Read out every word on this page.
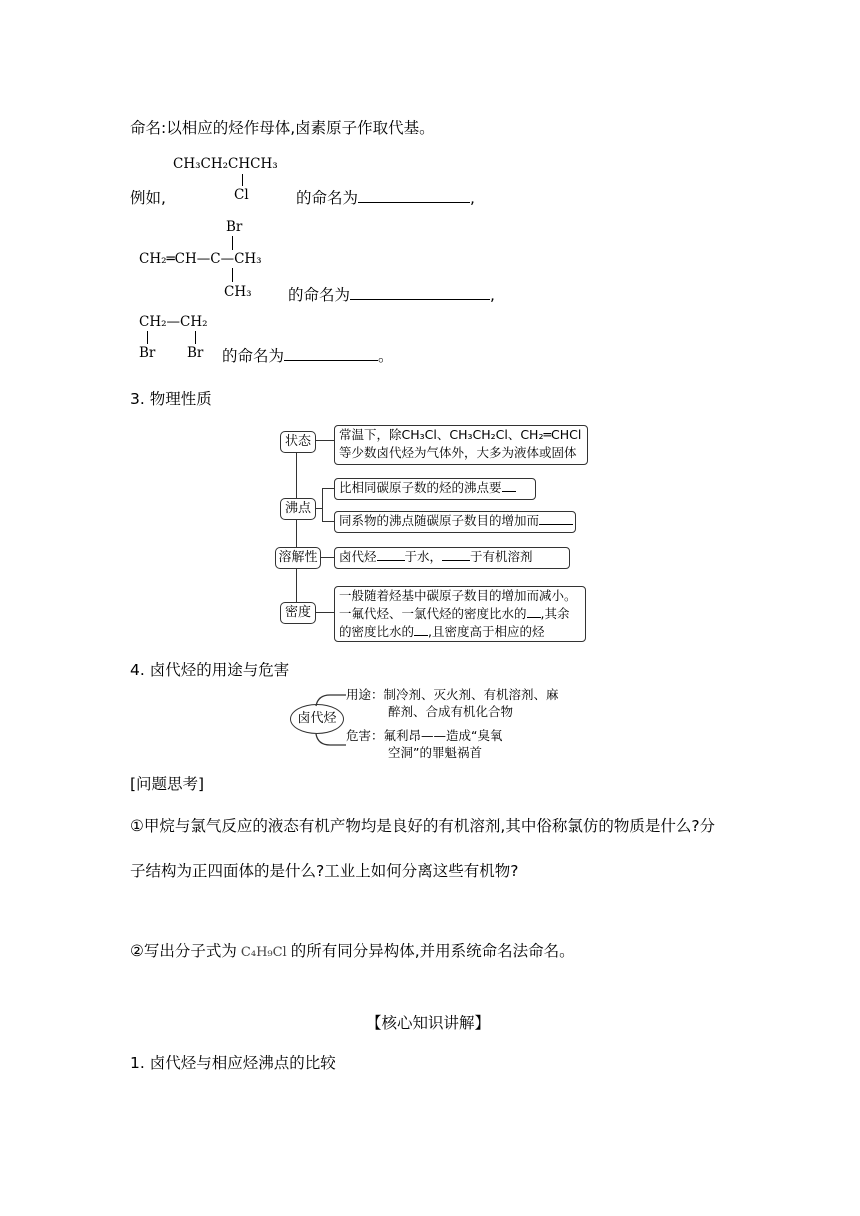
命名:以相应的烃作母体,卤素原子作取代基。
CH₃CH₂CHCH₃
Cl
例如,	的命名为	,
Br
CH₂═CH—C—CH₃
CH₃ 的命名为	,
CH₂—CH₂
Br Br 的命名为	。
3. 物理性质
状态	常温下，除CH₃Cl、CH₃CH₂Cl、CH₂═CHCl
等少数卤代烃为气体外，大多为液体或固体
沸点
比相同碳原子数的烃的沸点要
同系物的沸点随碳原子数目的增加而
溶解性	卤代烃 于水， 于有机溶剂
密度
一般随着烃基中碳原子数目的增加而减小。
一氟代烃、一氯代烃的密度比水的 ,其余
的密度比水的 ,且密度高于相应的烃
4. 卤代烃的用途与危害
卤代烃
用途：制冷剂、灭火剂、有机溶剂、麻
醉剂、合成有机化合物
危害：氟利昂——造成“臭氧
空洞”的罪魁祸首
[问题思考]
①甲烷与氯气反应的液态有机产物均是良好的有机溶剂,其中俗称氯仿的物质是什么?分
子结构为正四面体的是什么?工业上如何分离这些有机物?
②写出分子式为 C₄H₉Cl 的所有同分异构体,并用系统命名法命名。
【核心知识讲解】
1. 卤代烃与相应烃沸点的比较
